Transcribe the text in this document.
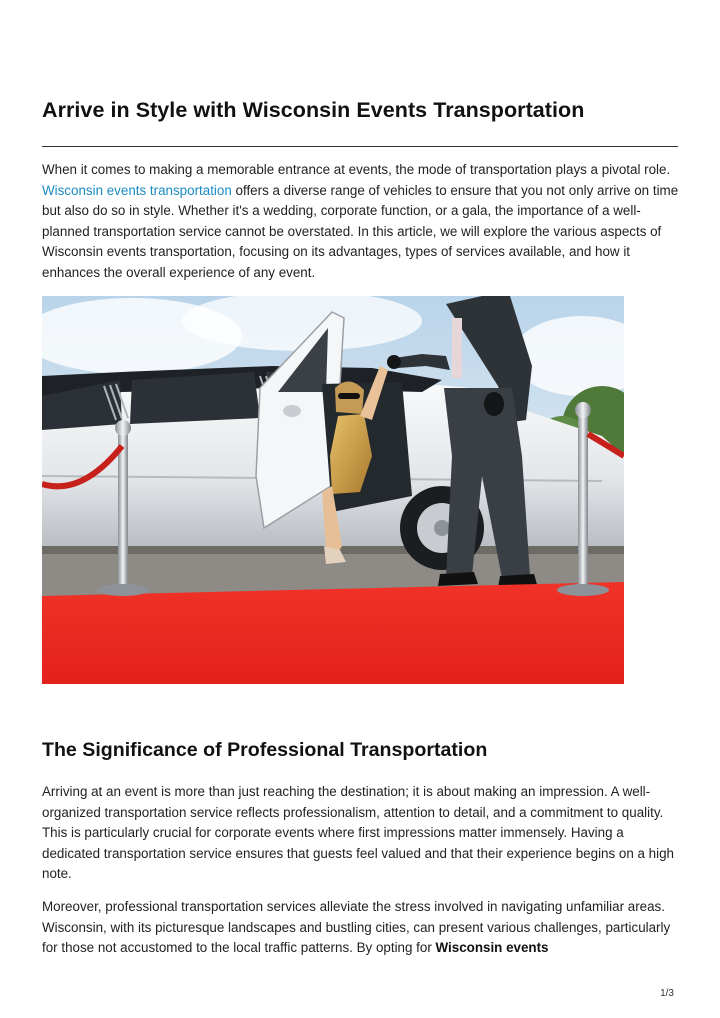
Arrive in Style with Wisconsin Events Transportation

When it comes to making a memorable entrance at events, the mode of transportation plays a pivotal role. Wisconsin events transportation offers a diverse range of vehicles to ensure that you not only arrive on time but also do so in style. Whether it's a wedding, corporate function, or a gala, the importance of a well-planned transportation service cannot be overstated. In this article, we will explore the various aspects of Wisconsin events transportation, focusing on its advantages, types of services available, and how it enhances the overall experience of any event.

The Significance of Professional Transportation

Arriving at an event is more than just reaching the destination; it is about making an impression. A well-organized transportation service reflects professionalism, attention to detail, and a commitment to quality. This is particularly crucial for corporate events where first impressions matter immensely. Having a dedicated transportation service ensures that guests feel valued and that their experience begins on a high note.

Moreover, professional transportation services alleviate the stress involved in navigating unfamiliar areas. Wisconsin, with its picturesque landscapes and bustling cities, can present various challenges, particularly for those not accustomed to the local traffic patterns. By opting for Wisconsin events

1/3
